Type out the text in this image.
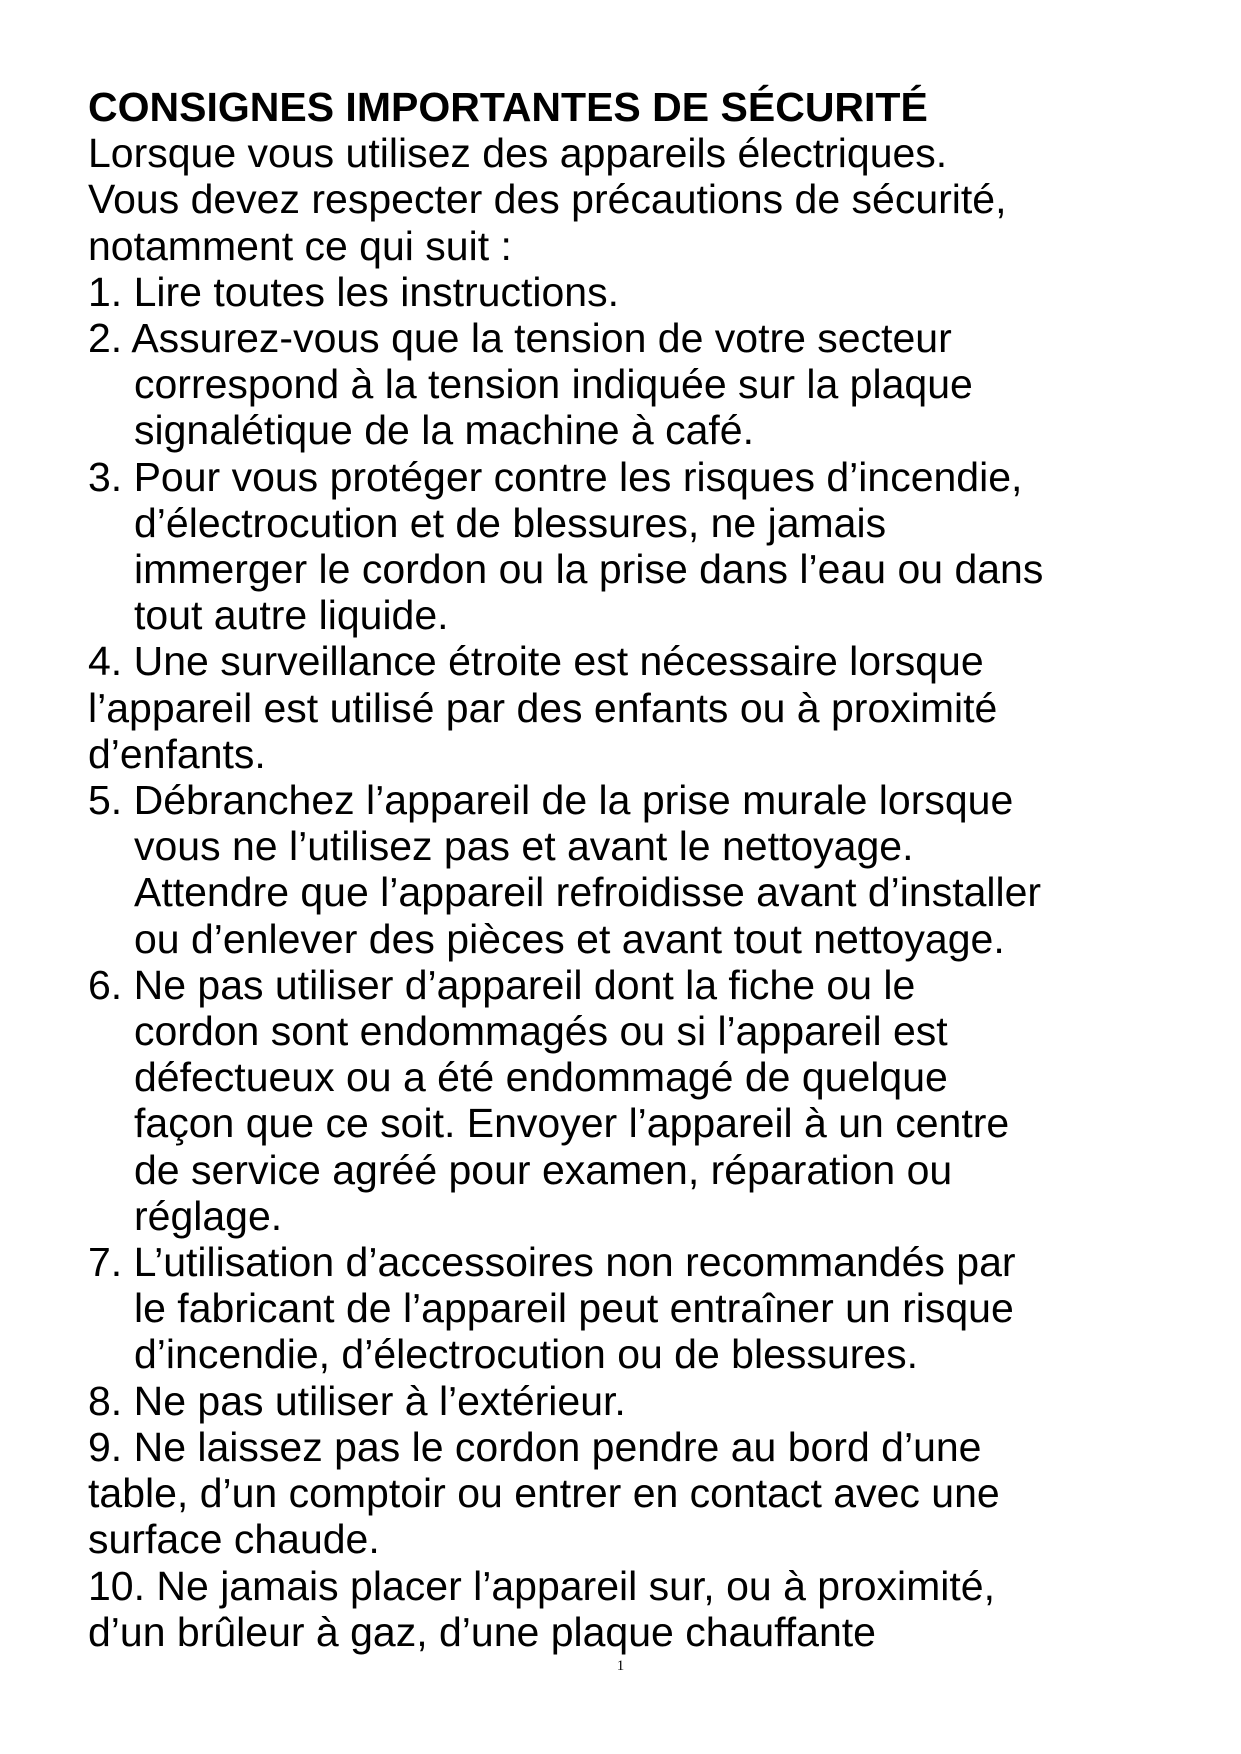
CONSIGNES IMPORTANTES DE SÉCURITÉ

Lorsque vous utilisez des appareils électriques.

Vous devez respecter des précautions de sécurité,

notamment ce qui suit :

1. Lire toutes les instructions.
2. Assurez-vous que la tension de votre secteur
correspond à la tension indiquée sur la plaque
signalétique de la machine à café.
3. Pour vous protéger contre les risques d’incendie,
d’électrocution et de blessures, ne jamais
immerger le cordon ou la prise dans l’eau ou dans
tout autre liquide.
4. Une surveillance étroite est nécessaire lorsque
l’appareil est utilisé par des enfants ou à proximité
d’enfants.
5. Débranchez l’appareil de la prise murale lorsque
vous ne l’utilisez pas et avant le nettoyage.
Attendre que l’appareil refroidisse avant d’installer
ou d’enlever des pièces et avant tout nettoyage.
6. Ne pas utiliser d’appareil dont la fiche ou le
cordon sont endommagés ou si l’appareil est
défectueux ou a été endommagé de quelque
façon que ce soit. Envoyer l’appareil à un centre
de service agréé pour examen, réparation ou
réglage.
7. L’utilisation d’accessoires non recommandés par
le fabricant de l’appareil peut entraîner un risque
d’incendie, d’électrocution ou de blessures.
8. Ne pas utiliser à l’extérieur.
9. Ne laissez pas le cordon pendre au bord d’une
table, d’un comptoir ou entrer en contact avec une
surface chaude.
10. Ne jamais placer l’appareil sur, ou à proximité,
d’un brûleur à gaz, d’une plaque chauffante
1
